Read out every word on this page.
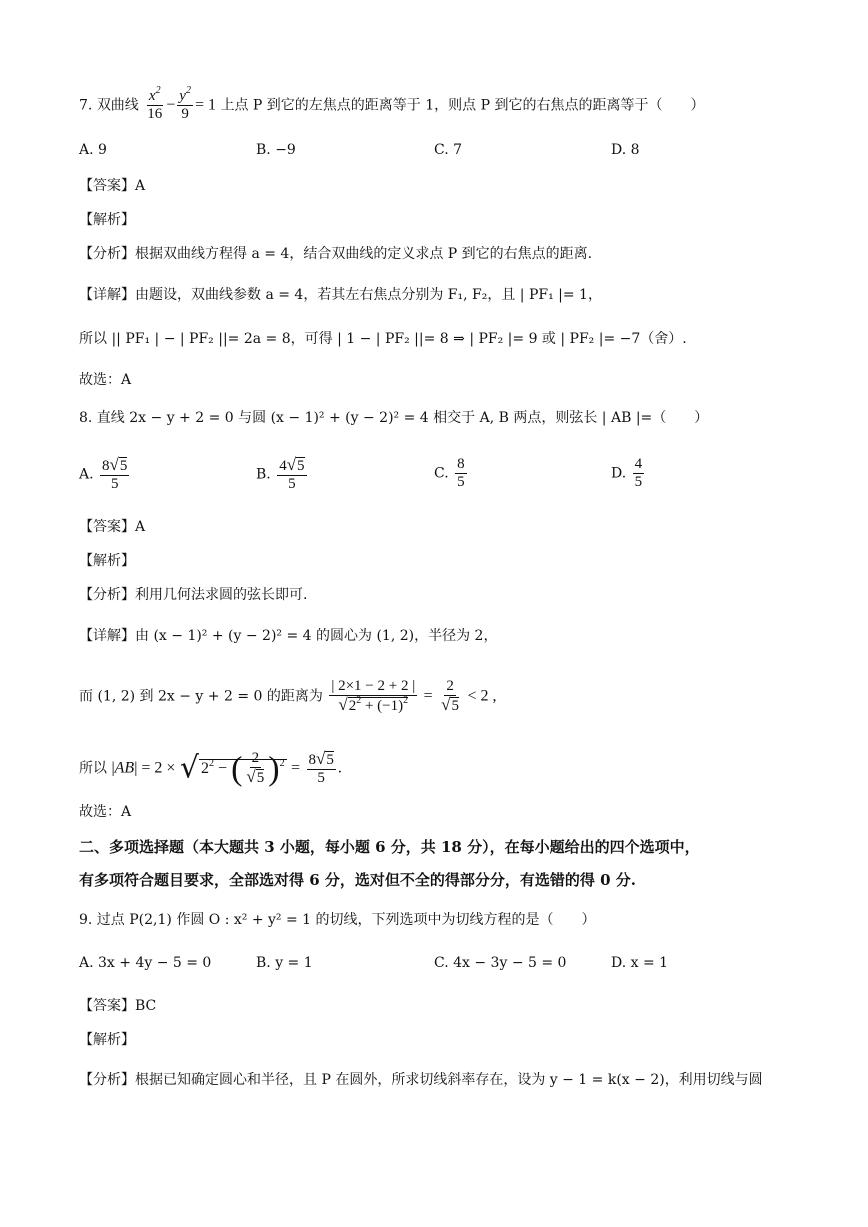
7. 双曲线 $\frac{x^2}{16} - \frac{y^2}{9} = 1$ 上点 P 到它的左焦点的距离等于 1，则点 P 到它的右焦点的距离等于（　　）
A. 9	B. −9	C. 7	D. 8
【答案】A
【解析】
【分析】根据双曲线方程得 a = 4，结合双曲线的定义求点 P 到它的右焦点的距离.
【详解】由题设，双曲线参数 a = 4，若其左右焦点分别为 F₁, F₂，且 | PF₁ |= 1，
所以 || PF₁ | − | PF₂ ||= 2a = 8，可得 | 1 − | PF₂ ||= 8 ⇒ | PF₂ |= 9 或 | PF₂ |= −7（舍）.
故选：A
8. 直线 2x − y + 2 = 0 与圆 (x − 1)² + (y − 2)² = 4 相交于 A, B 两点，则弦长 | AB |=（　　）
A. $\frac{8√5}{5}$	B. $\frac{4√5}{5}$	C. $\frac{8}{5}$	D. $\frac{4}{5}$
【答案】A
【解析】
【分析】利用几何法求圆的弦长即可.
【详解】由 (x − 1)² + (y − 2)² = 4 的圆心为 (1, 2)，半径为 2，
而 (1, 2) 到 2x − y + 2 = 0 的距离为 $\frac{| 2\times 1 - 2 + 2 |}{√2^2 + (-1)^2} = \frac{2}{√5} < 2$ ,
所以 |AB| = 2 × √ $2^2$ − ( $\frac{2}{√5} )^2 = \frac{8√5}{5}$ .
故选：A
二、多项选择题（本大题共 3 小题，每小题 6 分，共 18 分），在每小题给出的四个选项中，
有多项符合题目要求，全部选对得 6 分，选对但不全的得部分分，有选错的得 0 分.
9. 过点 P(2,1) 作圆 O : x² + y² = 1 的切线，下列选项中为切线方程的是（　　）
A. 3x + 4y − 5 = 0	B. y = 1	C. 4x − 3y − 5 = 0	D. x = 1
【答案】BC
【解析】
【分析】根据已知确定圆心和半径，且 P 在圆外，所求切线斜率存在，设为 y − 1 = k(x − 2)，利用切线与圆
